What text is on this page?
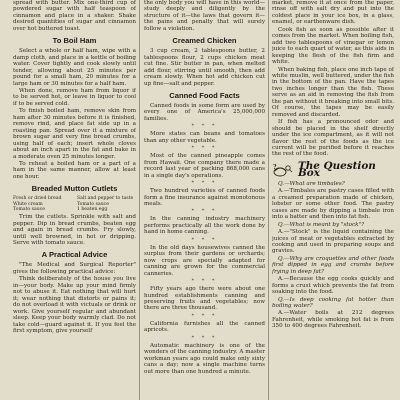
spread with butter. Mix one-third cup of powdered sugar with half teaspoon of cinnamon and place in a shaker. Shake desired quantities of sugar and cinnamon over hot buttered toast.

To Boil Ham

Select a whole or half ham, wipe with a damp cloth, and place in a kettle of boiling water. Cover tightly and cook slowly until tender, allowing about 25 minutes per pound for a small ham, 20 minutes for a large ham or 30 minutes for a half ham.

When done, remove ham from liquor if to be served hot, or leave in liquor to cool if to be served cold.

To finish boiled ham, remove skin from ham after 30 minutes before it is finished, remove rind, and place fat side up in a roasting pan. Spread over it a mixture of brown sugar and very fine bread crumbs, using half of each; insert whole cloves about an inch apart in the fat and bake in a moderate oven 25 minutes longer.

To reheat a boiled ham or a part of a ham in the same manner, allow at least one hour.

Breaded Mutton Cutlets
Fresh or dried bread
White cream
Tomato sauce
Salt and pepper to taste
Tomato sauce
1 beaten egg

Trim the cutlets. Sprinkle with salt and pepper. Dip in bread crumbs, beaten egg and again in bread crumbs. Fry slowly, until well browned, in hot or dripping. Serve with tomato sauce.

A Practical Advice

"The Medical and Surgical Reporter" gives the following practical advice:

Think deliberately of the house you live in—your body. Make up your mind firmly not to abuse it. Eat nothing that will hurt it; wear nothing that distorts or pains it; do not overload it with victuals or drink or work. Give yourself regular and abundant sleep. Keep your body warmly clad. Do not take cold—guard against it. If you feel the first symptom, give yourself

the only body you will have in this world—study deeply and diligently by the structure of it—the laws that govern it—the pains and penalty that will surely follow a violation.

Creamed Chicken

3 cup cream, 2 tablespoons butter, 2 tablespoons flour, 2 cups chicken meat cut fine. Stir butter in pan, when melted add flour, stirring until smooth, then add cream slowly. When hot add chicken cut up fine—salt and pepper.

Canned Food Facts

Canned foods in some form are used by every one of America's 25,000,000 families.

* * *

More states can beans and tomatoes than any other vegetable.

* * *

Most of the canned pineapple comes from Hawaii. One company there made a record last year of packing 868,000 cans in a single day's operations.

* * *

Two hundred varieties of canned foods form a fine insurance against monotonous meals.

* * *

In the canning industry machinery performs practically all the work done by hand in home canning.

* * *

In the old days housewives canned the surplus from their gardens or orchards; now crops are specially adapted for canning are grown for the commercial canneries.

* * *

Fifty years ago there were about one hundred establishments canning and preserving fruits and vegetables; now there are three thousand.

* * *

California furnishes all the canned apricots.

* * *

Automatic machinery is one of the wonders of the canning industry. A master workman years ago could make only sixty cans a day; now a single machine turns out more than one hundred a minute.

market, remove it at once from the paper, rinse off with salt dry and put into the coldest place in your ice box, in a glass, enamel, or earthenware dish.

Cook fish as soon as possible after it comes from the market. When boiling fish, add two tablespoons of vinegar or lemon juice to each quart of water, as this aids in keeping the flesh of the fish firm and white.

When baking fish, place one inch tape of white muslin, well buttered, under the fish in the bottom of the pan. Have the tapes two inches longer than the fish. These serve as an aid in removing the fish from the pan without it breaking into small bits. Of course, the tapes may be easily removed and discarded.

If fish has a pronounced odor and should be placed in the shelf directly under the ice compartment, as it will not flavor the rest of the foods as the ice current will be purified before it reaches the rest of the food.

? The Question Box

Q.—What are timbales?

A.—Timbales are pastry cases filled with a creamed preparation made of chicken, lobster or some other food. The pastry cases are made by dipping a timbale iron into a batter and then into fat fish.

Q.—What is meant by "stock"?

A.—"Stock" is the liquid containing the juices of meat or vegetables extracted by cooking and used in preparing soups and gravies.

Q.—Why are croquettes and other foods first dipped in egg and crumbs before frying in deep fat?

A.—Because the egg cooks quickly and forms a crust which prevents the fat from soaking into the food.

Q.—Is deep cooking fat hotter than boiling water?

A.—Water boils at 212 degrees Fahrenheit, while smoking hot fat is from 350 to 400 degrees Fahrenheit.
